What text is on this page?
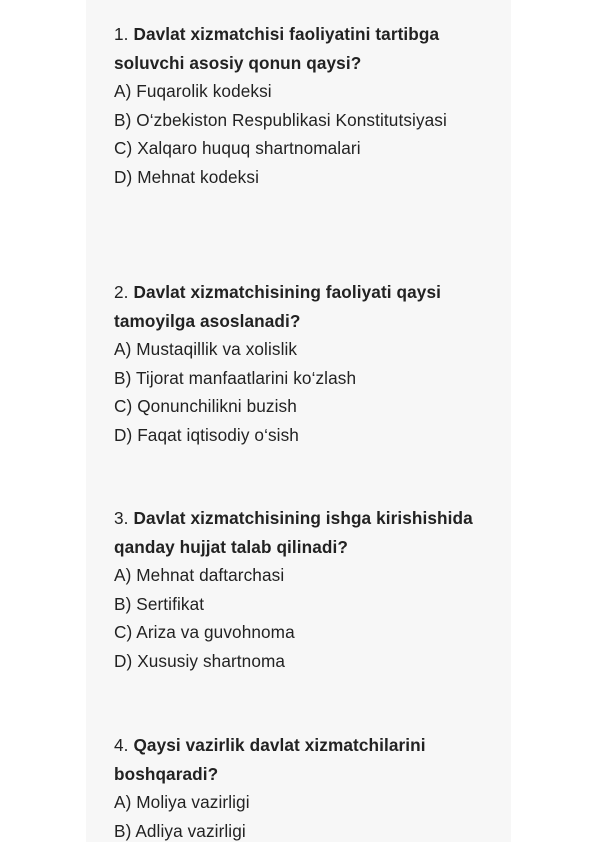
1. Davlat xizmatchisi faoliyatini tartibga soluvchi asosiy qonun qaysi?

A) Fuqarolik kodeksi

B) O‘zbekiston Respublikasi Konstitutsiyasi

C) Xalqaro huquq shartnomalari

D) Mehnat kodeksi

2. Davlat xizmatchisining faoliyati qaysi tamoyilga asoslanadi?

A) Mustaqillik va xolislik

B) Tijorat manfaatlarini ko‘zlash

C) Qonunchilikni buzish

D) Faqat iqtisodiy o‘sish

3. Davlat xizmatchisining ishga kirishishida qanday hujjat talab qilinadi?

A) Mehnat daftarchasi

B) Sertifikat

C) Ariza va guvohnoma

D) Xususiy shartnoma

4. Qaysi vazirlik davlat xizmatchilarini boshqaradi?

A) Moliya vazirligi

B) Adliya vazirligi
